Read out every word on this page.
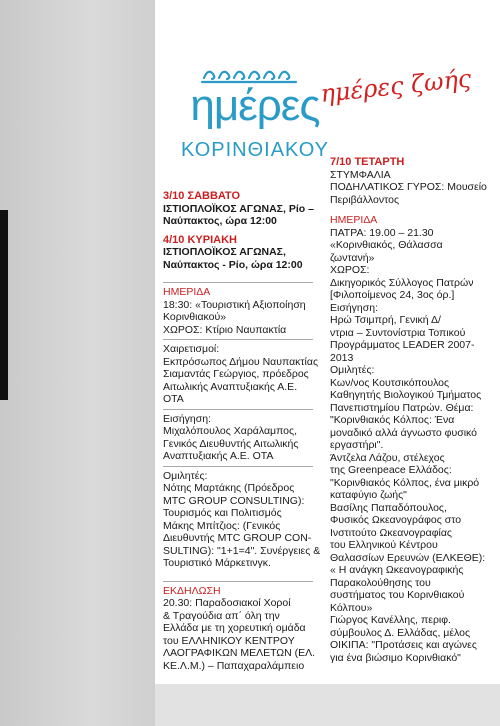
ημέρες
ΚΟΡΙΝΘΙΑΚΟΥ
ημέρες ζωής
3/10 ΣΑΒΒΑΤΟ
ΙΣΤΙΟΠΛΟΪΚΟΣ ΑΓΩΝΑΣ, Ρίο –
Ναύπακτος, ώρα 12:00
4/10 ΚΥΡΙΑΚΗ
ΙΣΤΙΟΠΛΟΪΚΟΣ ΑΓΩΝΑΣ,
Ναύπακτος - Ρίο, ώρα 12:00
ΗΜΕΡΙΔΑ
18:30: «Τουριστική Αξιοποίηση
Κορινθιακού»
ΧΩΡΟΣ: Κτίριο Ναυπακτία
Χαιρετισμοί:
Εκπρόσωπος Δήμου Ναυπακτίας
Σιαμαντάς Γεώργιος, πρόεδρος
Αιτωλικής Αναπτυξιακής Α.Ε.
ΟΤΑ
Εισήγηση:
Μιχαλόπουλος Χαράλαμπος,
Γενικός Διευθυντής Αιτωλικής
Αναπτυξιακής Α.Ε. ΟΤΑ
Ομιλητές:
Νότης Μαρτάκης (Πρόεδρος
MTC GROUP CONSULTING):
Τουρισμός και Πολιτισμός
Μάκης Μπίτζιος: (Γενικός
Διευθυντής MTC GROUP CON-
SULTING): "1+1=4". Συνέργειες &
Τουριστικό Μάρκετινγκ.
ΕΚΔΗΛΩΣΗ
20.30: Παραδοσιακοί Χοροί
& Τραγούδια απ΄ όλη την
Ελλάδα με τη χορευτική ομάδα
του ΕΛΛΗΝΙΚΟΥ ΚΕΝΤΡΟΥ
ΛΑΟΓΡΑΦΙΚΩΝ ΜΕΛΕΤΩΝ (ΕΛ.
ΚΕ.Λ.Μ.) – Παπαχαραλάμπειο
7/10 ΤΕΤΑΡΤΗ
ΣΤΥΜΦΑΛΙΑ
ΠΟΔΗΛΑΤΙΚΟΣ ΓΥΡΟΣ: Μουσείο
Περιβάλλοντος
ΗΜΕΡΙΔΑ
ΠΑΤΡΑ: 19.00 – 21.30
«Κορινθιακός, Θάλασσα
ζωντανή»
ΧΩΡΟΣ:
Δικηγορικός Σύλλογος Πατρών
[Φιλοποίμενος 24, 3ος όρ.]
Εισήγηση:
Ηρώ Τσιμπρή, Γενική Δ/
ντρια – Συντονίστρια Τοπικού
Προγράμματος LEADER 2007-
2013
Ομιλητές:
Κων/νος Κουτσικόπουλος
Καθηγητής Βιολογικού Τμήματος
Πανεπιστημίου Πατρών. Θέμα:
"Κορινθιακός Κόλπος: Ένα
μοναδικό αλλά άγνωστο φυσικό
εργαστήρι".
Άντζελα Λάζου, στέλεχος
της Greenpeace Ελλάδος:
"Κορινθιακός Κόλπος, ένα μικρό
καταφύγιο ζωής"
Βασίλης Παπαδόπουλος,
Φυσικός Ωκεανογράφος στο
Ινστιτούτο Ωκεανογραφίας
του Ελληνικού Κέντρου
Θαλασσίων Ερευνών (ΕΛΚΕΘΕ):
« Η ανάγκη Ωκεανογραφικής
Παρακολούθησης του
συστήματος του Κορινθιακού
Κόλπου»
Γιώργος Κανέλλης, περιφ.
σύμβουλος Δ. Ελλάδας, μέλος
ΟΙΚΙΠΑ: "Προτάσεις και αγώνες
για ένα βιώσιμο Κορινθιακό"
